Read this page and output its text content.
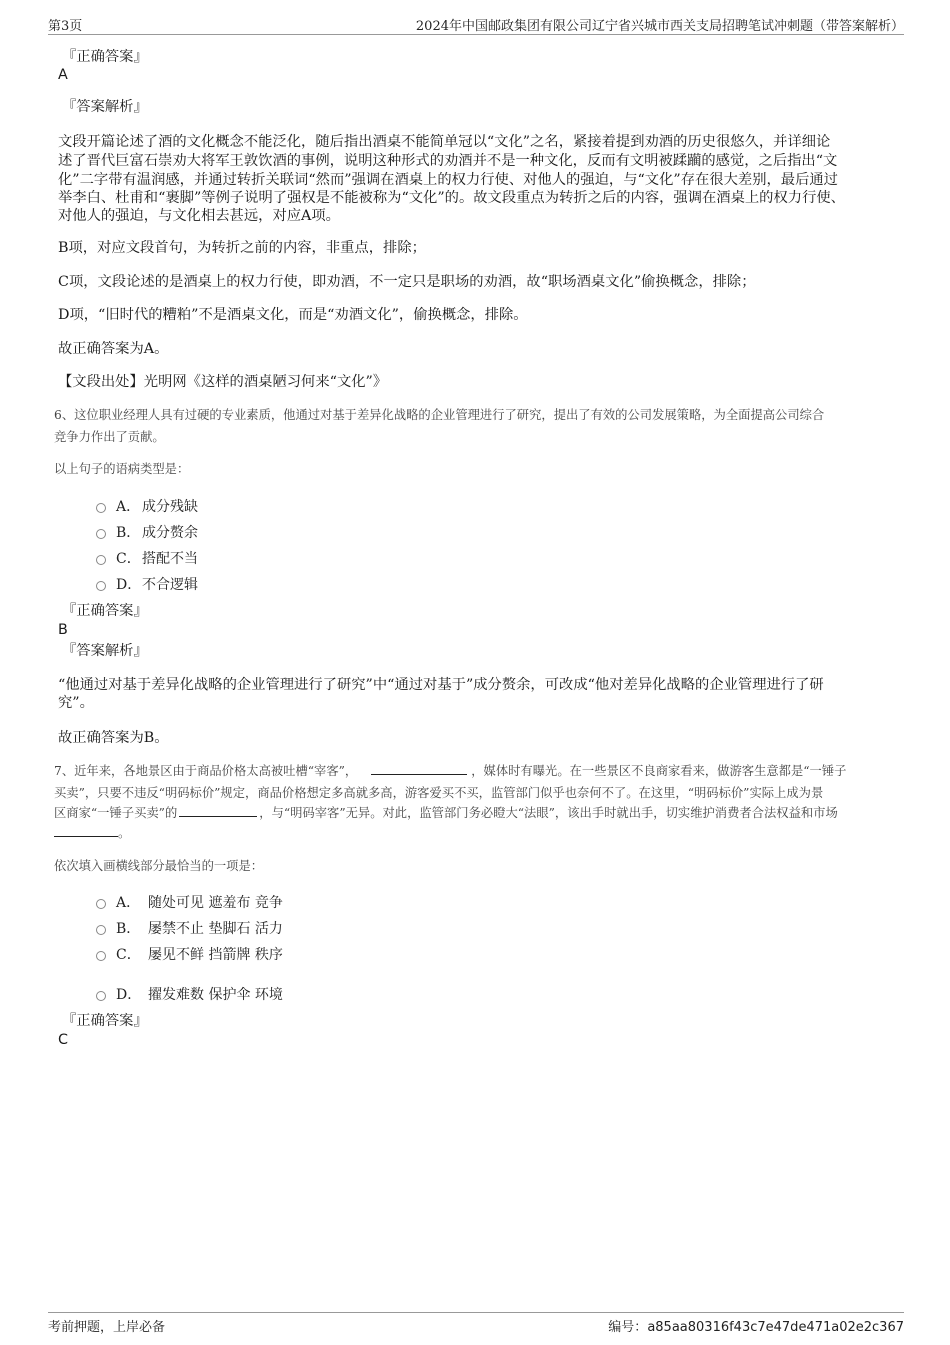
第3页	2024年中国邮政集团有限公司辽宁省兴城市西关支局招聘笔试冲刺题（带答案解析）
『正确答案』
A
『答案解析』
文段开篇论述了酒的文化概念不能泛化，随后指出酒桌不能简单冠以“文化”之名，紧接着提到劝酒的历史很悠久，并详细论
述了晋代巨富石崇劝大将军王敦饮酒的事例，说明这种形式的劝酒并不是一种文化，反而有文明被蹂躏的感觉，之后指出“文
化”二字带有温润感，并通过转折关联词“然而”强调在酒桌上的权力行使、对他人的强迫，与“文化”存在很大差别，最后通过
举李白、杜甫和“裹脚”等例子说明了强权是不能被称为“文化”的。故文段重点为转折之后的内容，强调在酒桌上的权力行使、
对他人的强迫，与文化相去甚远，对应A项。
B项，对应文段首句，为转折之前的内容，非重点，排除；
C项，文段论述的是酒桌上的权力行使，即劝酒，不一定只是职场的劝酒，故“职场酒桌文化”偷换概念，排除；
D项，“旧时代的糟粕”不是酒桌文化，而是“劝酒文化”，偷换概念，排除。
故正确答案为A。
【文段出处】光明网《这样的酒桌陋习何来“文化”》
6、这位职业经理人具有过硬的专业素质，他通过对基于差异化战略的企业管理进行了研究，提出了有效的公司发展策略，为全面提高公司综合
竞争力作出了贡献。
以上句子的语病类型是：
A． 成分残缺
B． 成分赘余
C．搭配不当
D．不合逻辑
『正确答案』
B
『答案解析』
“他通过对基于差异化战略的企业管理进行了研究”中“通过对基于”成分赘余，可改成“他对差异化战略的企业管理进行了研
究”。
故正确答案为B。
7、近年来，各地景区由于商品价格太高被吐槽“宰客”，	，媒体时有曝光。在一些景区不良商家看来，做游客生意都是“一锤子
买卖”，只要不违反“明码标价”规定，商品价格想定多高就多高，游客爱买不买，监管部门似乎也奈何不了。在这里，“明码标价”实际上成为景
区商家“一锤子买卖”的	，与“明码宰客”无异。对此，监管部门务必瞪大“法眼”，该出手时就出手，切实维护消费者合法权益和市场
。
依次填入画横线部分最恰当的一项是：
A． 随处可见 遮羞布 竞争
B． 屡禁不止 垫脚石 活力
C． 屡见不鲜 挡箭牌 秩序
D． 擢发难数 保护伞 环境
『正确答案』
C
考前押题，上岸必备	编号：a85aa80316f43c7e47de471a02e2c367
